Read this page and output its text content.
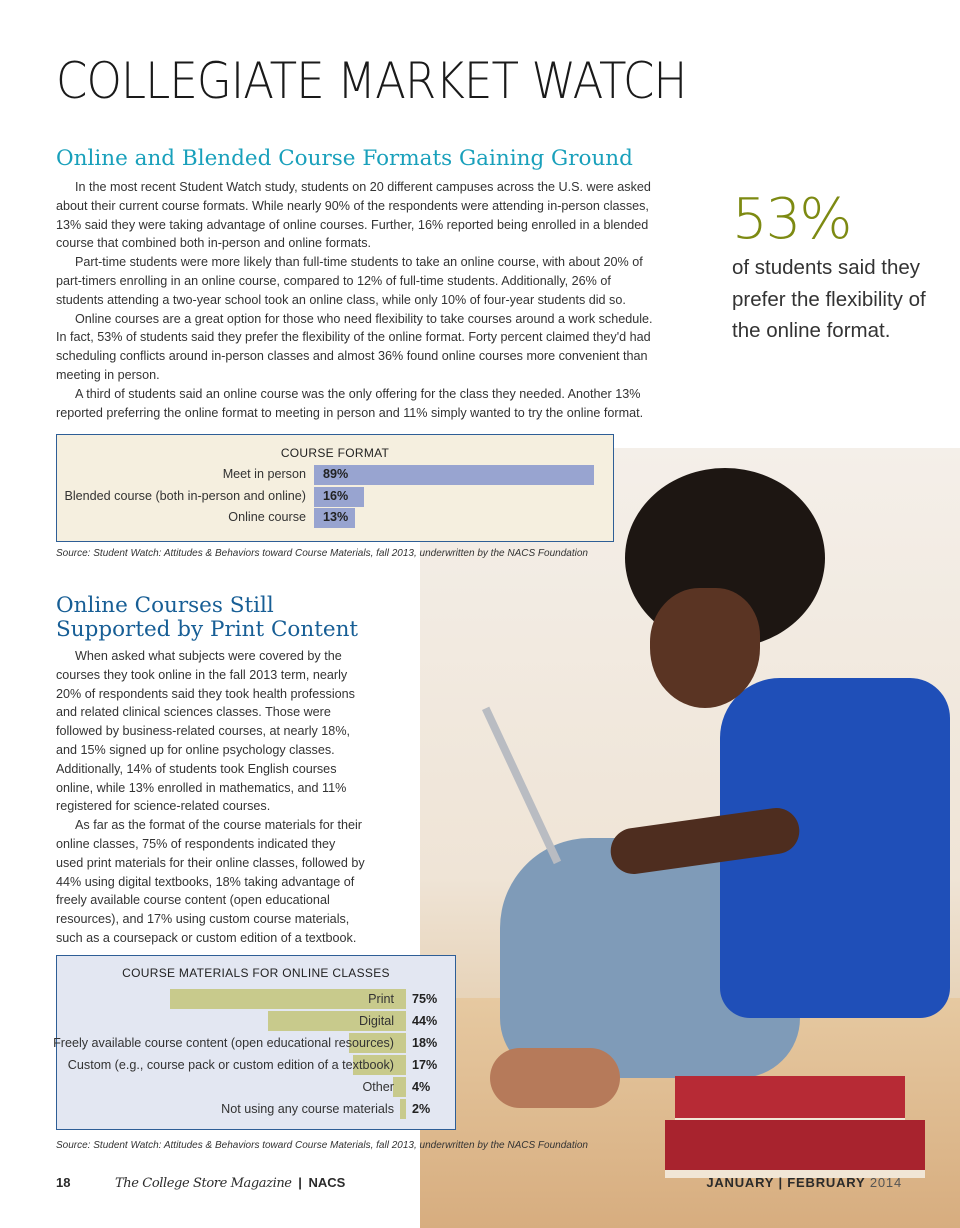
COLLEGIATE MARKET WATCH
Online and Blended Course Formats Gaining Ground

In the most recent Student Watch study, students on 20 different campuses across the U.S. were asked about their current course formats. While nearly 90% of the respondents were attending in-person classes, 13% said they were taking advantage of online courses. Further, 16% reported being enrolled in a blended course that combined both in-person and online formats.

Part-time students were more likely than full-time students to take an online course, with about 20% of part-timers enrolling in an online course, compared to 12% of full-time students. Additionally, 26% of students attending a two-year school took an online class, while only 10% of four-year students did so.

Online courses are a great option for those who need flexibility to take courses around a work schedule. In fact, 53% of students said they prefer the flexibility of the online format. Forty percent claimed they'd had scheduling conflicts around in-person classes and almost 36% found online courses more convenient than meeting in person.

A third of students said an online course was the only offering for the class they needed. Another 13% reported preferring the online format to meeting in person and 11% simply wanted to try the online format.

53%
of students said they prefer the flexibility of the online format.
COURSE FORMAT
Meet in person 89%
Blended course (both in-person and online) 16%
Online course 13%
Source: Student Watch: Attitudes & Behaviors toward Course Materials, fall 2013, underwritten by the NACS Foundation
Online Courses Still
Supported by Print Content

When asked what subjects were covered by the courses they took online in the fall 2013 term, nearly 20% of respondents said they took health professions and related clinical sciences classes. Those were followed by business-related courses, at nearly 18%, and 15% signed up for online psychology classes. Additionally, 14% of students took English courses online, while 13% enrolled in mathematics, and 11% registered for science-related courses.

As far as the format of the course materials for their online classes, 75% of respondents indicated they used print materials for their online classes, followed by 44% using digital textbooks, 18% taking advantage of freely available course content (open educational resources), and 17% using custom course materials, such as a coursepack or custom edition of a textbook.

COURSE MATERIALS FOR ONLINE CLASSES
Print 75%
Digital 44%
Freely available course content (open educational resources) 18%
Custom (e.g., course pack or custom edition of a textbook) 17%
Other 4%
Not using any course materials 2%
Source: Student Watch: Attitudes & Behaviors toward Course Materials, fall 2013, underwritten by the NACS Foundation
18	The College Store Magazine | NACS	JANUARY | FEBRUARY 2014
